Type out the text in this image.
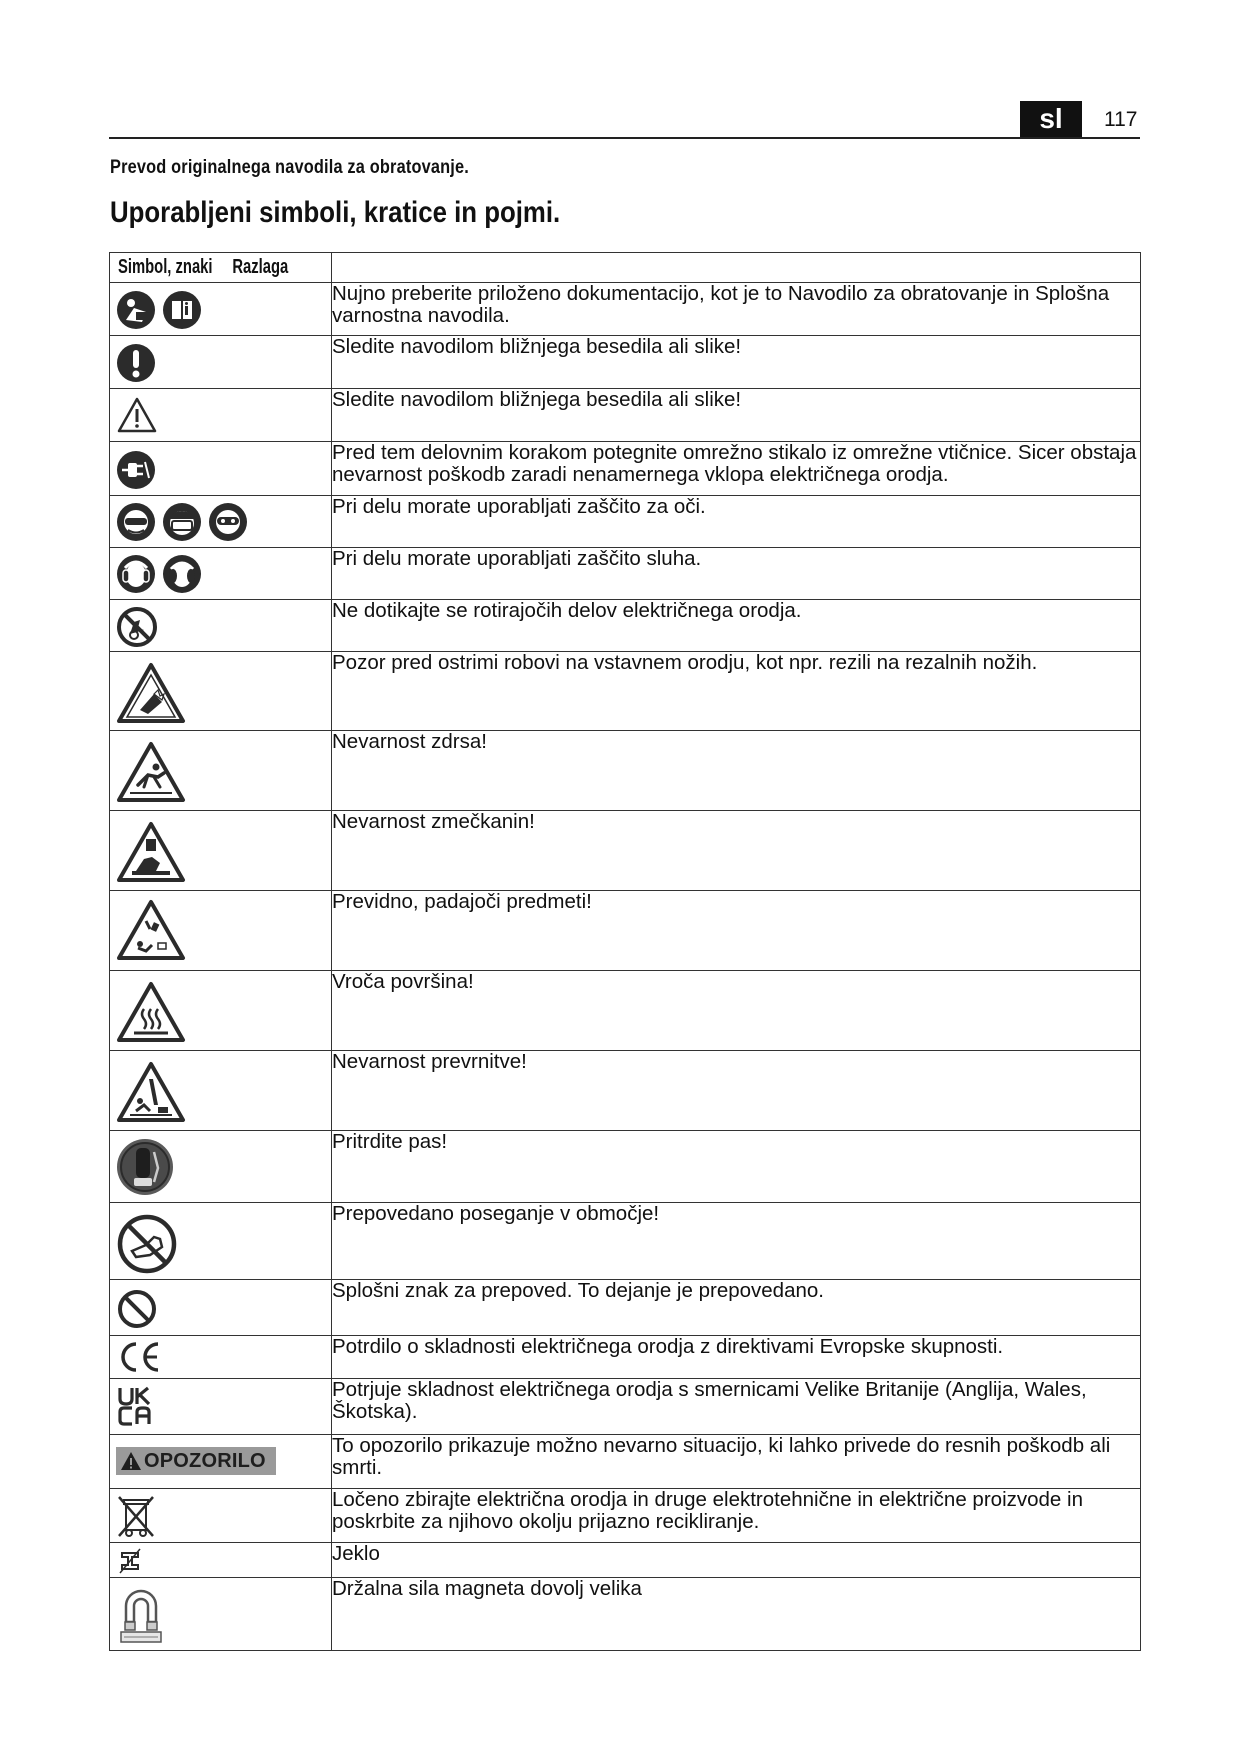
sl	117
Prevod originalnega navodila za obratovanje.
Uporabljeni simboli, kratice in pojmi.
Simbol, znaki Razlaga	

	Nujno preberite priloženo dokumentacijo, kot je to Navodilo za obratovanje in Splošna varnostna navodila.

	Sledite navodilom bližnjega besedila ali slike!

	Sledite navodilom bližnjega besedila ali slike!

	Pred tem delovnim korakom potegnite omrežno stikalo iz omrežne vtičnice. Sicer obstaja nevarnost poškodb zaradi nenamernega vklopa električnega orodja.

	Pri delu morate uporabljati zaščito za oči.

	Pri delu morate uporabljati zaščito sluha.

	Ne dotikajte se rotirajočih delov električnega orodja.

	Pozor pred ostrimi robovi na vstavnem orodju, kot npr. rezili na rezalnih nožih.

	Nevarnost zdrsa!

	Nevarnost zmečkanin!

	Previdno, padajoči predmeti!

	Vroča površina!

	Nevarnost prevrnitve!

	Pritrdite pas!

	Prepovedano poseganje v območje!

	Splošni znak za prepoved. To dejanje je prepovedano.

	Potrdilo o skladnosti električnega orodja z direktivami Evropske skupnosti.

	Potrjuje skladnost električnega orodja s smernicami Velike Britanije (Anglija, Wales, Škotska).

OPOZORILO	To opozorilo prikazuje možno nevarno situacijo, ki lahko privede do resnih poškodb ali smrti.

	Ločeno zbirajte električna orodja in druge elektrotehnične in električne proizvode in poskrbite za njihovo okolju prijazno recikliranje.

	Jeklo

	Držalna sila magneta dovolj velika
